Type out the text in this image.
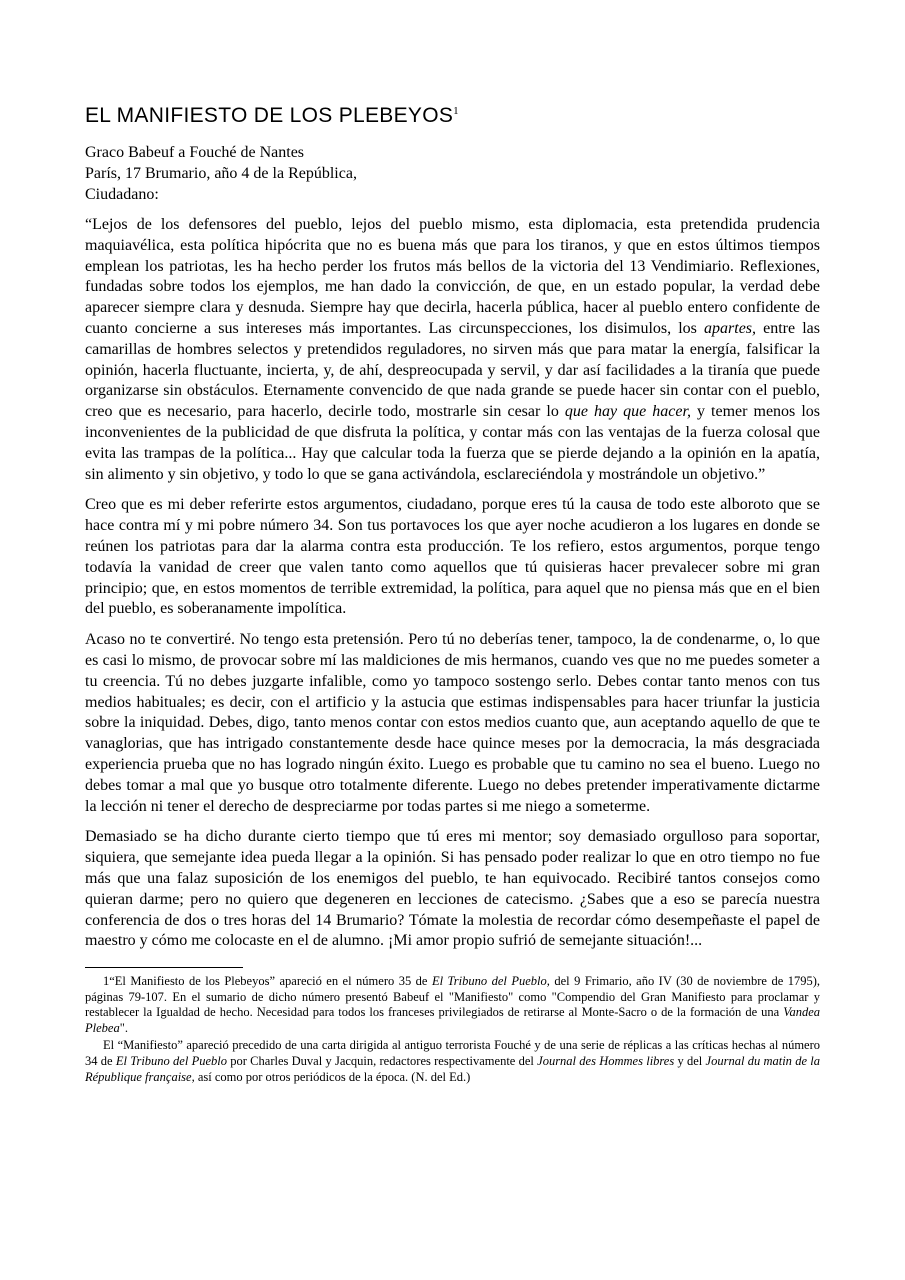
EL MANIFIESTO DE LOS PLEBEYOS$^1$
Graco Babeuf a Fouché de Nantes
París, 17 Brumario, año 4 de la República,
Ciudadano:

“Lejos de los defensores del pueblo, lejos del pueblo mismo, esta diplomacia, esta pretendida prudencia maquiavélica, esta política hipócrita que no es buena más que para los tiranos, y que en estos últimos tiempos emplean los patriotas, les ha hecho perder los frutos más bellos de la victoria del 13 Vendimiario. Reflexiones, fundadas sobre todos los ejemplos, me han dado la convicción, de que, en un estado popular, la verdad debe aparecer siempre clara y desnuda. Siempre hay que decirla, hacerla pública, hacer al pueblo entero confidente de cuanto concierne a sus intereses más importantes. Las circunspecciones, los disimulos, los apartes, entre las camarillas de hombres selectos y pretendidos reguladores, no sirven más que para matar la energía, falsificar la opinión, hacerla fluctuante, incierta, y, de ahí, despreocupada y servil, y dar así facilidades a la tiranía que puede organizarse sin obstáculos. Eternamente convencido de que nada grande se puede hacer sin contar con el pueblo, creo que es necesario, para hacerlo, decirle todo, mostrarle sin cesar lo que hay que hacer, y temer menos los inconvenientes de la publicidad de que disfruta la política, y contar más con las ventajas de la fuerza colosal que evita las trampas de la política... Hay que calcular toda la fuerza que se pierde dejando a la opinión en la apatía, sin alimento y sin objetivo, y todo lo que se gana activándola, esclareciéndola y mostrándole un objetivo.”

Creo que es mi deber referirte estos argumentos, ciudadano, porque eres tú la causa de todo este alboroto que se hace contra mí y mi pobre número 34. Son tus portavoces los que ayer noche acudieron a los lugares en donde se reúnen los patriotas para dar la alarma contra esta producción. Te los refiero, estos argumentos, porque tengo todavía la vanidad de creer que valen tanto como aquellos que tú quisieras hacer prevalecer sobre mi gran principio; que, en estos momentos de terrible extremidad, la política, para aquel que no piensa más que en el bien del pueblo, es soberanamente impolítica.

Acaso no te convertiré. No tengo esta pretensión. Pero tú no deberías tener, tampoco, la de condenarme, o, lo que es casi lo mismo, de provocar sobre mí las maldiciones de mis hermanos, cuando ves que no me puedes someter a tu creencia. Tú no debes juzgarte infalible, como yo tampoco sostengo serlo. Debes contar tanto menos con tus medios habituales; es decir, con el artificio y la astucia que estimas indispensables para hacer triunfar la justicia sobre la iniquidad. Debes, digo, tanto menos contar con estos medios cuanto que, aun aceptando aquello de que te vanaglorias, que has intrigado constantemente desde hace quince meses por la democracia, la más desgraciada experiencia prueba que no has logrado ningún éxito. Luego es probable que tu camino no sea el bueno. Luego no debes tomar a mal que yo busque otro totalmente diferente. Luego no debes pretender imperativamente dictarme la lección ni tener el derecho de despreciarme por todas partes si me niego a someterme.

Demasiado se ha dicho durante cierto tiempo que tú eres mi mentor; soy demasiado orgulloso para soportar, siquiera, que semejante idea pueda llegar a la opinión. Si has pensado poder realizar lo que en otro tiempo no fue más que una falaz suposición de los enemigos del pueblo, te han equivocado. Recibiré tantos consejos como quieran darme; pero no quiero que degeneren en lecciones de catecismo. ¿Sabes que a eso se parecía nuestra conferencia de dos o tres horas del 14 Brumario? Tómate la molestia de recordar cómo desempeñaste el papel de maestro y cómo me colocaste en el de alumno. ¡Mi amor propio sufrió de semejante situación!...

1“El Manifiesto de los Plebeyos” apareció en el número 35 de El Tribuno del Pueblo, del 9 Frimario, año IV (30 de noviembre de 1795), páginas 79-107. En el sumario de dicho número presentó Babeuf el "Manifiesto" como "Compendio del Gran Manifiesto para proclamar y restablecer la Igualdad de hecho. Necesidad para todos los franceses privilegiados de retirarse al Monte-Sacro o de la formación de una Vandea Plebea".

El “Manifiesto” apareció precedido de una carta dirigida al antiguo terrorista Fouché y de una serie de réplicas a las críticas hechas al número 34 de El Tribuno del Pueblo por Charles Duval y Jacquin, redactores respectivamente del Journal des Hommes libres y del Journal du matin de la République française, así como por otros periódicos de la época. (N. del Ed.)
